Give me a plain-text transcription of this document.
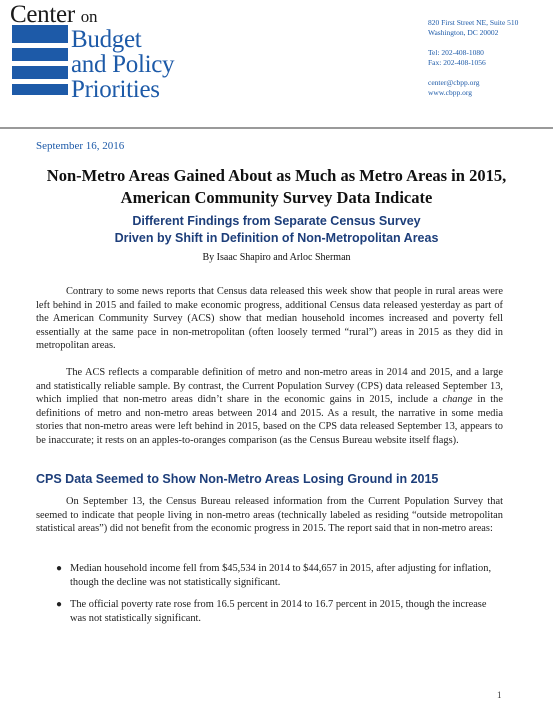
Center on
Budget
and Policy
Priorities
820 First Street NE, Suite 510
Washington, DC 20002
Tel: 202-408-1080
Fax: 202-408-1056
center@cbpp.org
www.cbpp.org
September 16, 2016
Non-Metro Areas Gained About as Much as Metro Areas in 2015, American Community Survey Data Indicate
Different Findings from Separate Census Survey
Driven by Shift in Definition of Non-Metropolitan Areas
By Isaac Shapiro and Arloc Sherman

Contrary to some news reports that Census data released this week show that people in rural areas were left behind in 2015 and failed to make economic progress, additional Census data released yesterday as part of the American Community Survey (ACS) show that median household incomes increased and poverty fell essentially at the same pace in non-metropolitan (often loosely termed “rural”) areas in 2015 as they did in metropolitan areas.

The ACS reflects a comparable definition of metro and non-metro areas in 2014 and 2015, and a large and statistically reliable sample. By contrast, the Current Population Survey (CPS) data released September 13, which implied that non-metro areas didn’t share in the economic gains in 2015, include a change in the definitions of metro and non-metro areas between 2014 and 2015. As a result, the narrative in some media stories that non-metro areas were left behind in 2015, based on the CPS data released September 13, appears to be inaccurate; it rests on an apples-to-oranges comparison (as the Census Bureau website itself flags).

CPS Data Seemed to Show Non-Metro Areas Losing Ground in 2015

On September 13, the Census Bureau released information from the Current Population Survey that seemed to indicate that people living in non-metro areas (technically labeled as residing “outside metropolitan statistical areas”) did not benefit from the economic progress in 2015. The report said that in non-metro areas:

● Median household income fell from $45,534 in 2014 to $44,657 in 2015, after adjusting for inflation, though the decline was not statistically significant.
● The official poverty rate rose from 16.5 percent in 2014 to 16.7 percent in 2015, though the increase was not statistically significant.
1
